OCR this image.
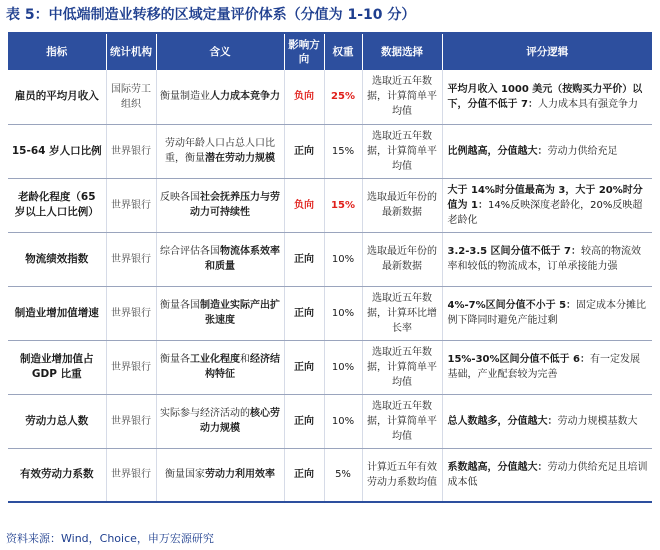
表 5：中低端制造业转移的区域定量评价体系（分值为 1-10 分）
指标	统计机构	含义	影响方向	权重	数据选择	评分逻辑
雇员的平均月收入	国际劳工组织	衡量制造业人力成本竞争力	负向	25%	选取近五年数据，计算简单平均值	平均月收入 1000 美元（按购买力平价）以下，分值不低于 7：人力成本具有强竞争力
15-64 岁人口比例	世界银行	劳动年龄人口占总人口比重，衡量潜在劳动力规模	正向	15%	选取近五年数据，计算简单平均值	比例越高，分值越大：劳动力供给充足
老龄化程度（65 岁以上人口比例）	世界银行	反映各国社会抚养压力与劳动力可持续性	负向	15%	选取最近年份的最新数据	大于 14%时分值最高为 3，大于 20%时分值为 1：14%反映深度老龄化，20%反映超老龄化
物流绩效指数	世界银行	综合评估各国物流体系效率和质量	正向	10%	选取最近年份的最新数据	3.2-3.5 区间分值不低于 7：较高的物流效率和较低的物流成本，订单承接能力强
制造业增加值增速	世界银行	衡量各国制造业实际产出扩张速度	正向	10%	选取近五年数据，计算环比增长率	4%-7%区间分值不小于 5：固定成本分摊比例下降同时避免产能过剩
制造业增加值占 GDP 比重	世界银行	衡量各工业化程度和经济结构特征	正向	10%	选取近五年数据，计算简单平均值	15%-30%区间分值不低于 6：有一定发展基础，产业配套较为完善
劳动力总人数	世界银行	实际参与经济活动的核心劳动力规模	正向	10%	选取近五年数据，计算简单平均值	总人数越多，分值越大：劳动力规模基数大
有效劳动力系数	世界银行	衡量国家劳动力利用效率	正向	5%	计算近五年有效劳动力系数均值	系数越高，分值越大：劳动力供给充足且培训成本低
资料来源：Wind，Choice，申万宏源研究
